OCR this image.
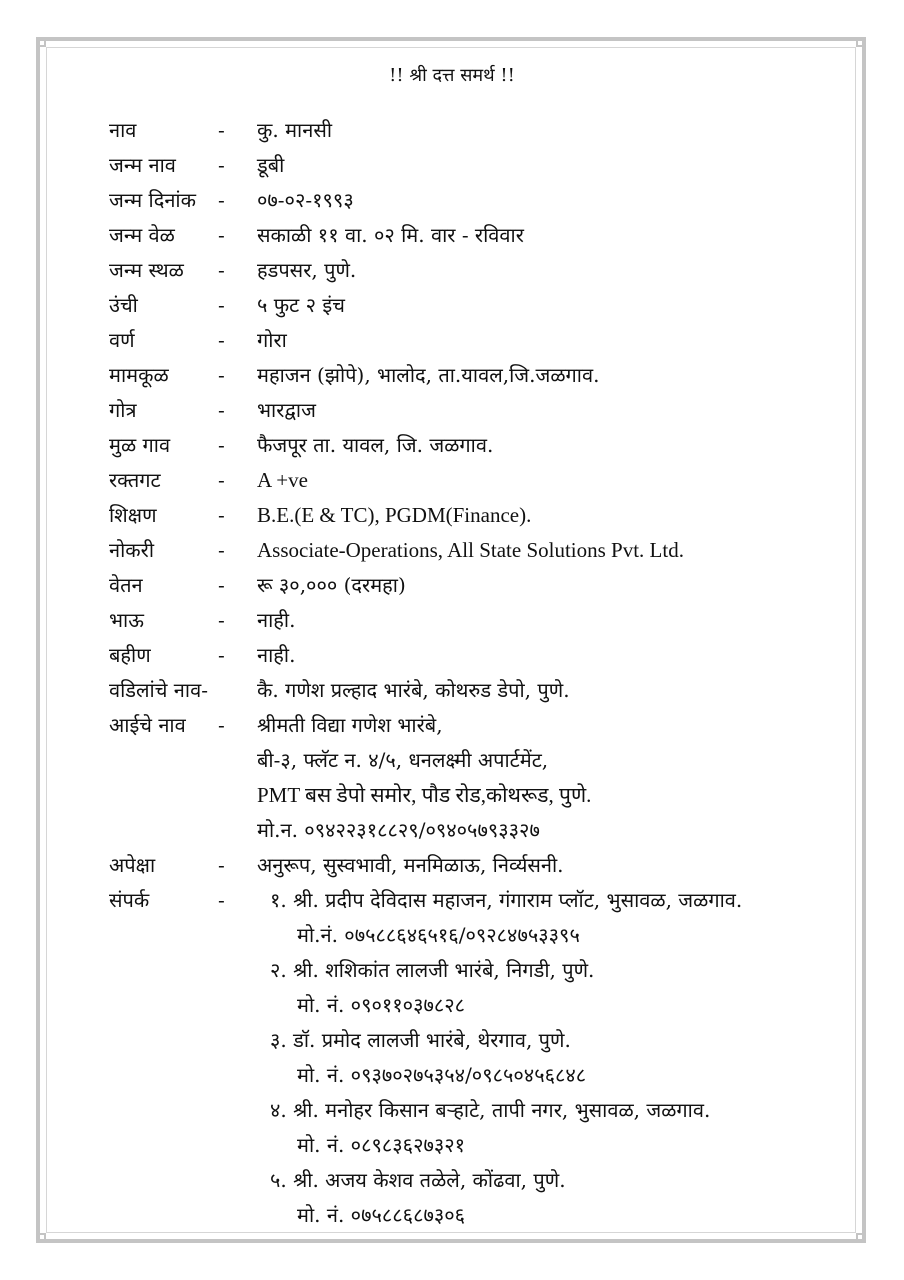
!! श्री दत्त समर्थ !!
नाव	- कु. मानसी
जन्म नाव - डूबी
जन्म दिनांक - ०७-०२-१९९३
जन्म वेळ - सकाळी ११ वा. ०२ मि. वार - रविवार
जन्म स्थळ - हडपसर, पुणे.
उंची	- ५ फुट २ इंच
वर्ण	- गोरा
मामकूळ - महाजन (झोपे), भालोद, ता.यावल,जि.जळगाव.
गोत्र	- भारद्वाज
मुळ गाव - फैजपूर ता. यावल, जि. जळगाव.
रक्तगट	- A +ve
शिक्षण	- B.E.(E & TC), PGDM(Finance).
नोकरी	- Associate-Operations, All State Solutions Pvt. Ltd.
वेतन	- रू ३०,००० (दरमहा)
भाऊ	- नाही.
बहीण	- नाही.
वडिलांचे नाव- कै. गणेश प्रल्हाद भारंबे, कोथरुड डेपो, पुणे.
आईचे नाव - श्रीमती विद्या गणेश भारंबे,
बी-३, फ्लॅट न. ४/५, धनलक्ष्मी अपार्टमेंट,
PMT बस डेपो समोर, पौड रोड,कोथरूड, पुणे.
मो.न. ०९४२२३१८८२९/०९४०५७९३३२७
अपेक्षा	- अनुरूप, सुस्वभावी, मनमिळाऊ, निर्व्यसनी.
संपर्क	- १. श्री. प्रदीप देविदास महाजन, गंगाराम प्लॉट, भुसावळ, जळगाव.
मो.नं. ०७५८८६४६५१६/०९२८४७५३३९५
२. श्री. शशिकांत लालजी भारंबे, निगडी, पुणे.
मो. नं. ०९०११०३७८२८
३. डॉ. प्रमोद लालजी भारंबे, थेरगाव, पुणे.
मो. नं. ०९३७०२७५३५४/०९८५०४५६८४८
४. श्री. मनोहर किसान बऱ्हाटे, तापी नगर, भुसावळ, जळगाव.
मो. नं. ०८९८३६२७३२१
५. श्री. अजय केशव तळेले, कोंढवा, पुणे.
मो. नं. ०७५८८६८७३०६
